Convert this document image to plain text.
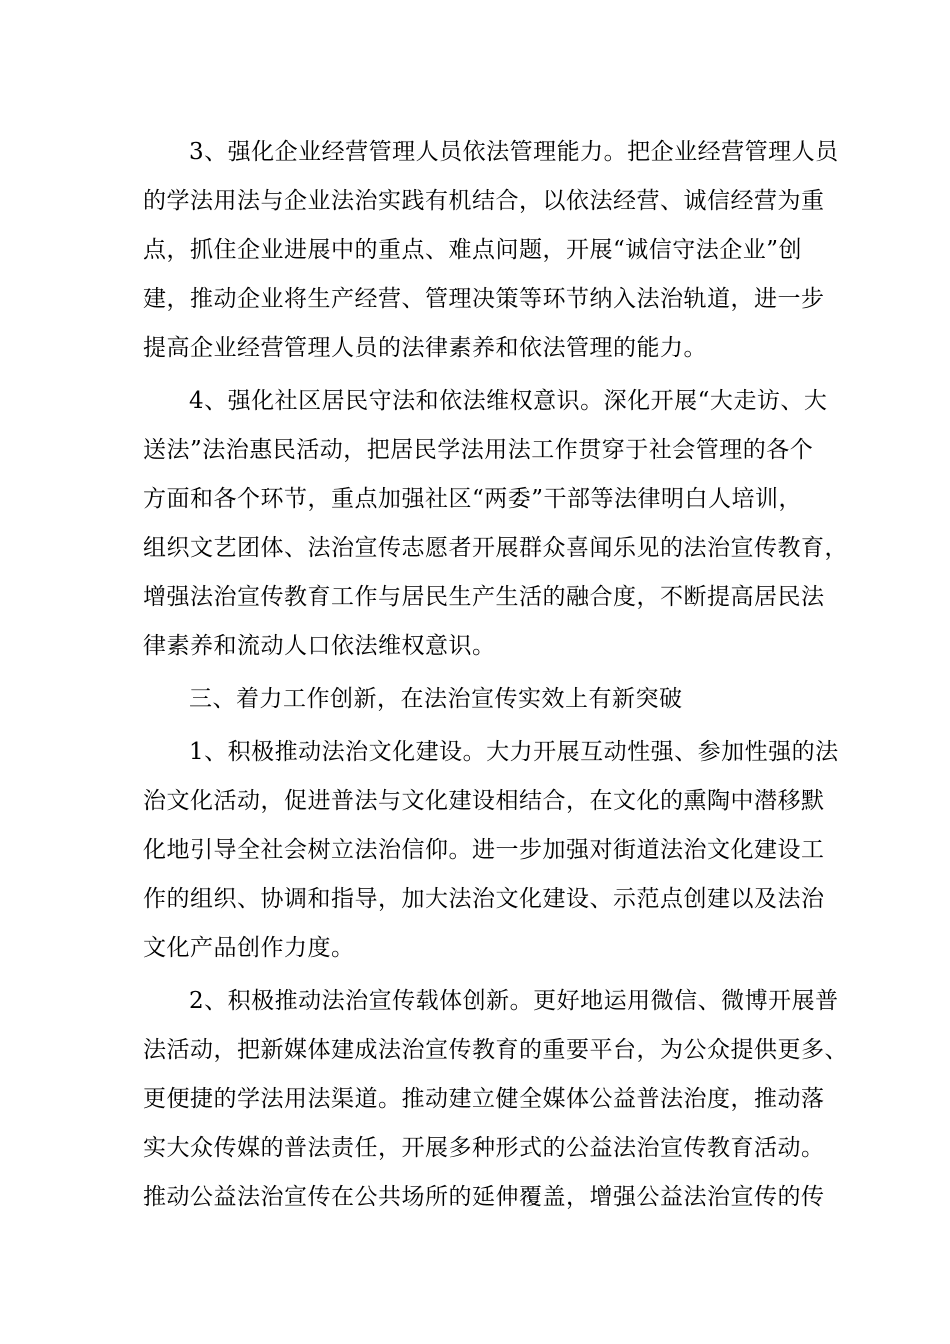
3、强化企业经营管理人员依法管理能力。把企业经营管理人员
的学法用法与企业法治实践有机结合，以依法经营、诚信经营为重
点，抓住企业进展中的重点、难点问题，开展“诚信守法企业”创
建，推动企业将生产经营、管理决策等环节纳入法治轨道，进一步
提高企业经营管理人员的法律素养和依法管理的能力。
4、强化社区居民守法和依法维权意识。深化开展“大走访、大
送法”法治惠民活动，把居民学法用法工作贯穿于社会管理的各个
方面和各个环节，重点加强社区“两委”干部等法律明白人培训，
组织文艺团体、法治宣传志愿者开展群众喜闻乐见的法治宣传教育，
增强法治宣传教育工作与居民生产生活的融合度，不断提高居民法
律素养和流动人口依法维权意识。
三、着力工作创新，在法治宣传实效上有新突破
1、积极推动法治文化建设。大力开展互动性强、参加性强的法
治文化活动，促进普法与文化建设相结合，在文化的熏陶中潜移默
化地引导全社会树立法治信仰。进一步加强对街道法治文化建设工
作的组织、协调和指导，加大法治文化建设、示范点创建以及法治
文化产品创作力度。
2、积极推动法治宣传载体创新。更好地运用微信、微博开展普
法活动，把新媒体建成法治宣传教育的重要平台，为公众提供更多、
更便捷的学法用法渠道。推动建立健全媒体公益普法治度，推动落
实大众传媒的普法责任，开展多种形式的公益法治宣传教育活动。
推动公益法治宣传在公共场所的延伸覆盖，增强公益法治宣传的传
